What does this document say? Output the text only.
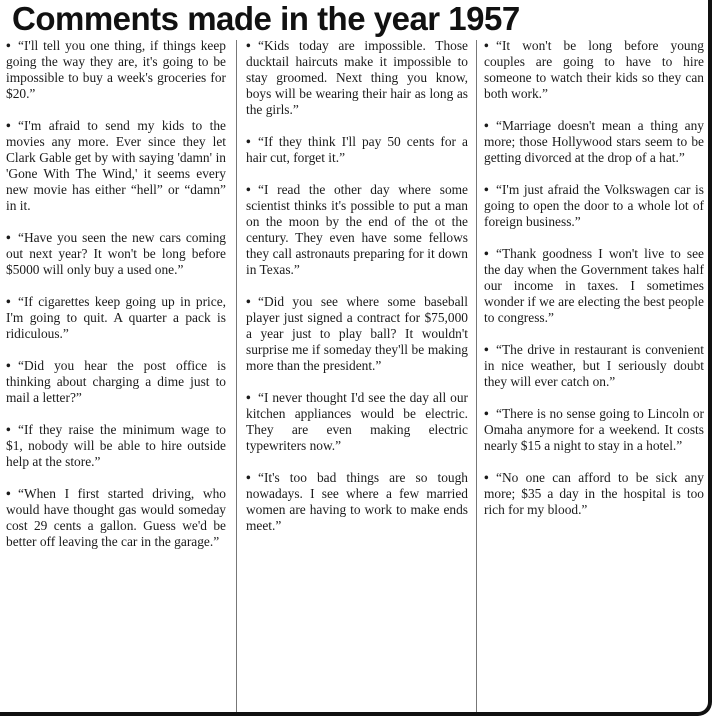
Comments made in the year 1957

• “I'll tell you one thing, if things keep going the way they are, it's going to be impossible to buy a week's groceries for $20.”

• “I'm afraid to send my kids to the movies any more. Ever since they let Clark Gable get by with saying 'damn' in 'Gone With The Wind,' it seems every new movie has either “hell” or “damn” in it.

• “Have you seen the new cars coming out next year? It won't be long before $5000 will only buy a used one.”

• “If cigarettes keep going up in price, I'm going to quit. A quarter a pack is ridiculous.”

• “Did you hear the post office is thinking about charging a dime just to mail a letter?”

• “If they raise the minimum wage to $1, nobody will be able to hire outside help at the store.”

• “When I first started driving, who would have thought gas would someday cost 29 cents a gallon. Guess we'd be better off leaving the car in the garage.”

• “Kids today are impossible. Those ducktail haircuts make it impossible to stay groomed. Next thing you know, boys will be wearing their hair as long as the girls.”

• “If they think I'll pay 50 cents for a hair cut, forget it.”

• “I read the other day where some scientist thinks it's possible to put a man on the moon by the end of the ot the century. They even have some fellows they call astronauts preparing for it down in Texas.”

• “Did you see where some baseball player just signed a contract for $75,000 a year just to play ball? It wouldn't surprise me if someday they'll be making more than the president.”

• “I never thought I'd see the day all our kitchen appliances would be electric. They are even making electric typewriters now.”

• “It's too bad things are so tough nowadays. I see where a few married women are having to work to make ends meet.”

• “It won't be long before young couples are going to have to hire someone to watch their kids so they can both work.”

• “Marriage doesn't mean a thing any more; those Hollywood stars seem to be getting divorced at the drop of a hat.”

• “I'm just afraid the Volkswagen car is going to open the door to a whole lot of foreign business.”

• “Thank goodness I won't live to see the day when the Government takes half our income in taxes. I sometimes wonder if we are electing the best people to congress.”

• “The drive in restaurant is convenient in nice weather, but I seriously doubt they will ever catch on.”

• “There is no sense going to Lincoln or Omaha anymore for a weekend. It costs nearly $15 a night to stay in a hotel.”

• “No one can afford to be sick any more; $35 a day in the hospital is too rich for my blood.”
